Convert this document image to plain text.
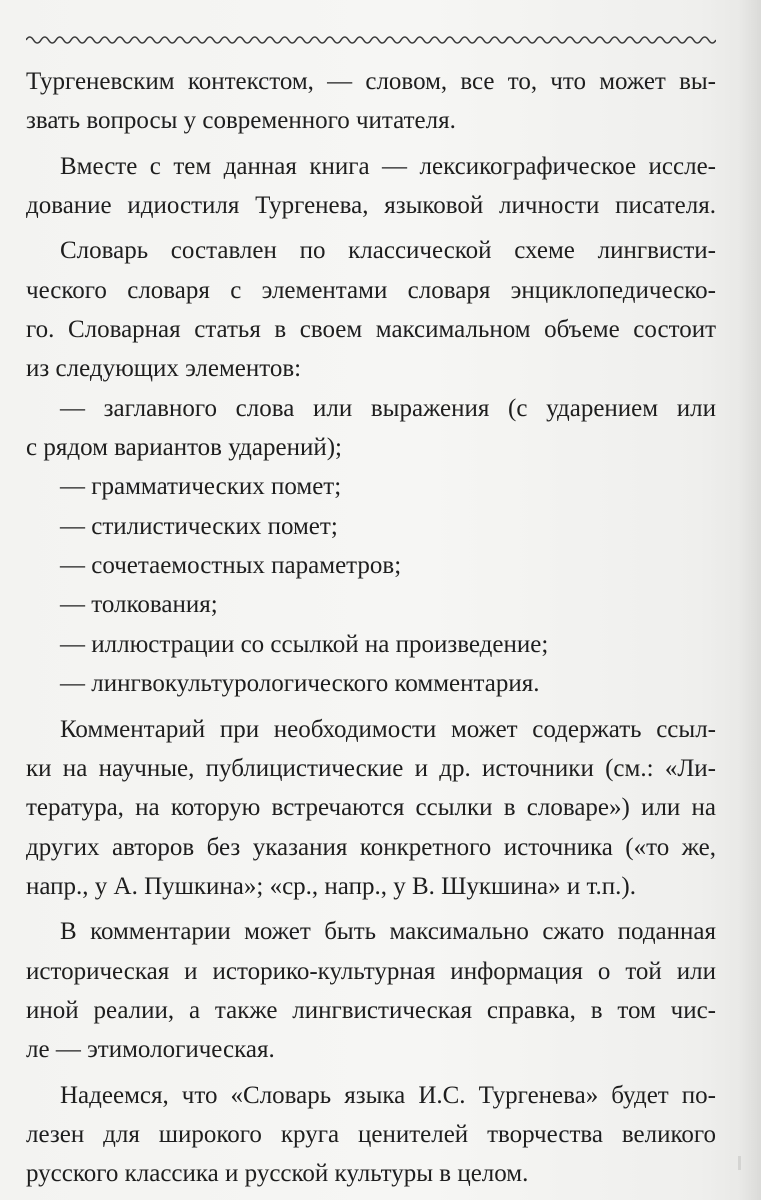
Тургеневским контекстом, — словом, все то, что может вы-
звать вопросы у современного читателя.
Вместе с тем данная книга — лексикографическое иссле-
дование идиостиля Тургенева, языковой личности писателя.
Словарь составлен по классической схеме лингвисти-
ческого словаря с элементами словаря энциклопедическо-
го. Словарная статья в своем максимальном объеме состоит
из следующих элементов:
— заглавного слова или выражения (с ударением или
с рядом вариантов ударений);
— грамматических помет;
— стилистических помет;
— сочетаемостных параметров;
— толкования;
— иллюстрации со ссылкой на произведение;
— лингвокультурологического комментария.
Комментарий при необходимости может содержать ссыл-
ки на научные, публицистические и др. источники (см.: «Ли-
тература, на которую встречаются ссылки в словаре») или на
других авторов без указания конкретного источника («то же,
напр., у А. Пушкина»; «ср., напр., у В. Шукшина» и т.п.).
В комментарии может быть максимально сжато поданная
историческая и историко-культурная информация о той или
иной реалии, а также лингвистическая справка, в том чис-
ле — этимологическая.
Надеемся, что «Словарь языка И.С. Тургенева» будет по-
лезен для широкого круга ценителей творчества великого
русского классика и русской культуры в целом.
